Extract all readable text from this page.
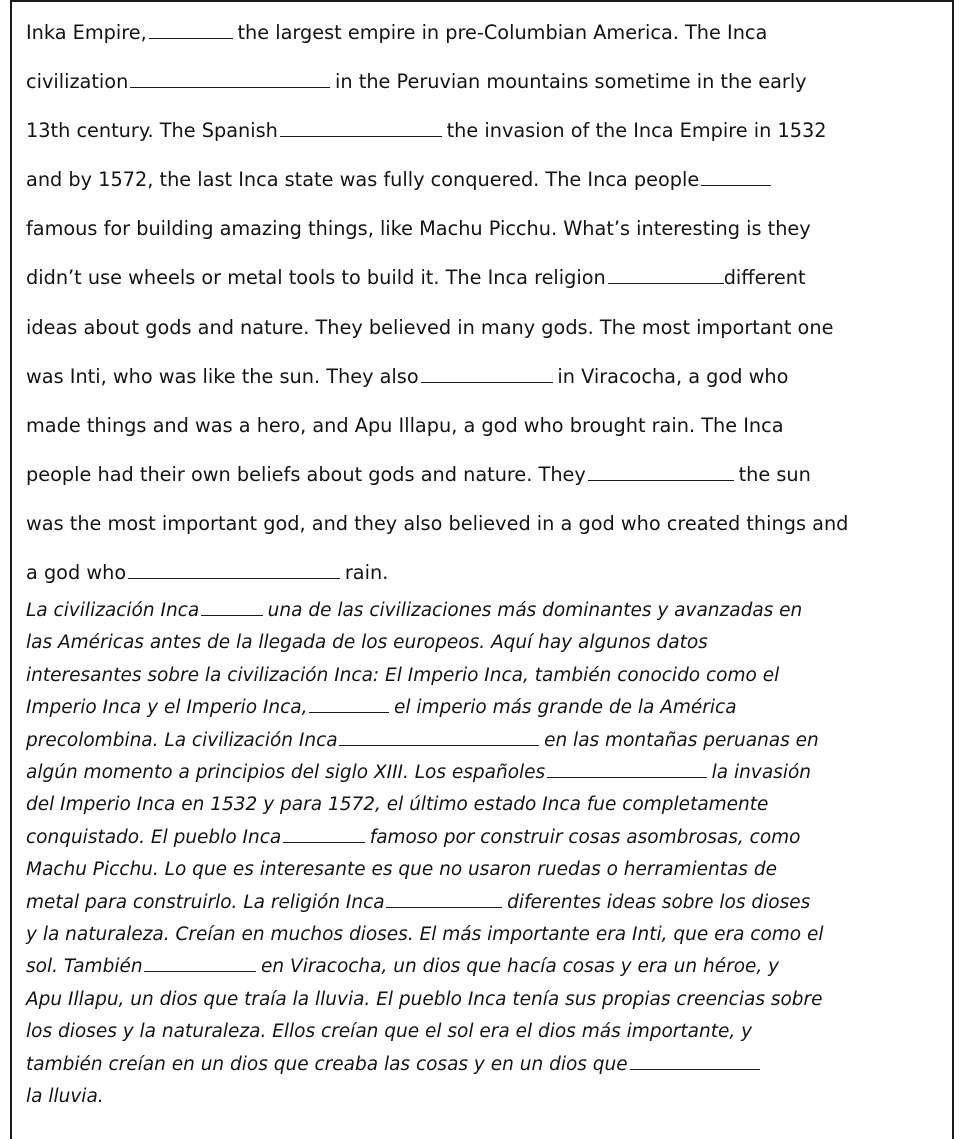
Inka Empire,	the largest empire in pre-Columbian America. The Inca
civilization	in the Peruvian mountains sometime in the early
13th century. The Spanish	the invasion of the Inca Empire in 1532
and by 1572, the last Inca state was fully conquered. The Inca people
famous for building amazing things, like Machu Picchu. What’s interesting is they
didn’t use wheels or metal tools to build it. The Inca religion	different
ideas about gods and nature. They believed in many gods. The most important one
was Inti, who was like the sun. They also	in Viracocha, a god who
made things and was a hero, and Apu Illapu, a god who brought rain. The Inca
people had their own beliefs about gods and nature. They	the sun
was the most important god, and they also believed in a god who created things and
a god who	rain.
La civilización Inca	una de las civilizaciones más dominantes y avanzadas en
las Américas antes de la llegada de los europeos. Aquí hay algunos datos
interesantes sobre la civilización Inca: El Imperio Inca, también conocido como el
Imperio Inca y el Imperio Inca,	el imperio más grande de la América
precolombina. La civilización Inca	en las montañas peruanas en
algún momento a principios del siglo XIII. Los españoles	la invasión
del Imperio Inca en 1532 y para 1572, el último estado Inca fue completamente
conquistado. El pueblo Inca	famoso por construir cosas asombrosas, como
Machu Picchu. Lo que es interesante es que no usaron ruedas o herramientas de
metal para construirlo. La religión Inca	diferentes ideas sobre los dioses
y la naturaleza. Creían en muchos dioses. El más importante era Inti, que era como el
sol. También	en Viracocha, un dios que hacía cosas y era un héroe, y
Apu Illapu, un dios que traía la lluvia. El pueblo Inca tenía sus propias creencias sobre
los dioses y la naturaleza. Ellos creían que el sol era el dios más importante, y
también creían en un dios que creaba las cosas y en un dios que
la lluvia.
